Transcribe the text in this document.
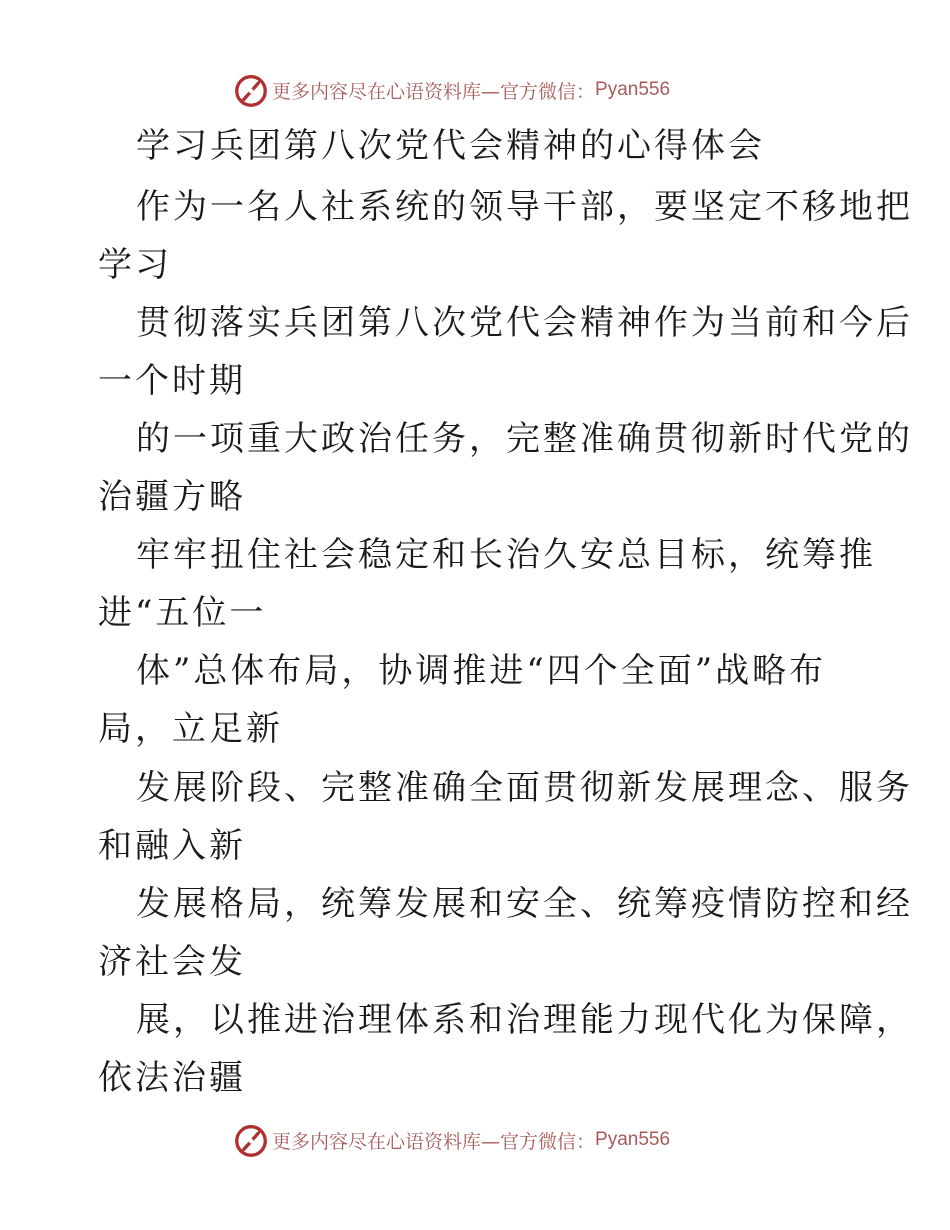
更多内容尽在心语资料库—官方微信： Pyan556
学习兵团第八次党代会精神的心得体会
作为一名人社系统的领导干部，要坚定不移地把
学习
贯彻落实兵团第八次党代会精神作为当前和今后
一个时期
的一项重大政治任务，完整准确贯彻新时代党的
治疆方略
牢牢扭住社会稳定和长治久安总目标，统筹推
进“五位一
体”总体布局，协调推进“四个全面”战略布
局，立足新
发展阶段、完整准确全面贯彻新发展理念、服务
和融入新
发展格局，统筹发展和安全、统筹疫情防控和经
济社会发
展，以推进治理体系和治理能力现代化为保障，
依法治疆
更多内容尽在心语资料库—官方微信： Pyan556
